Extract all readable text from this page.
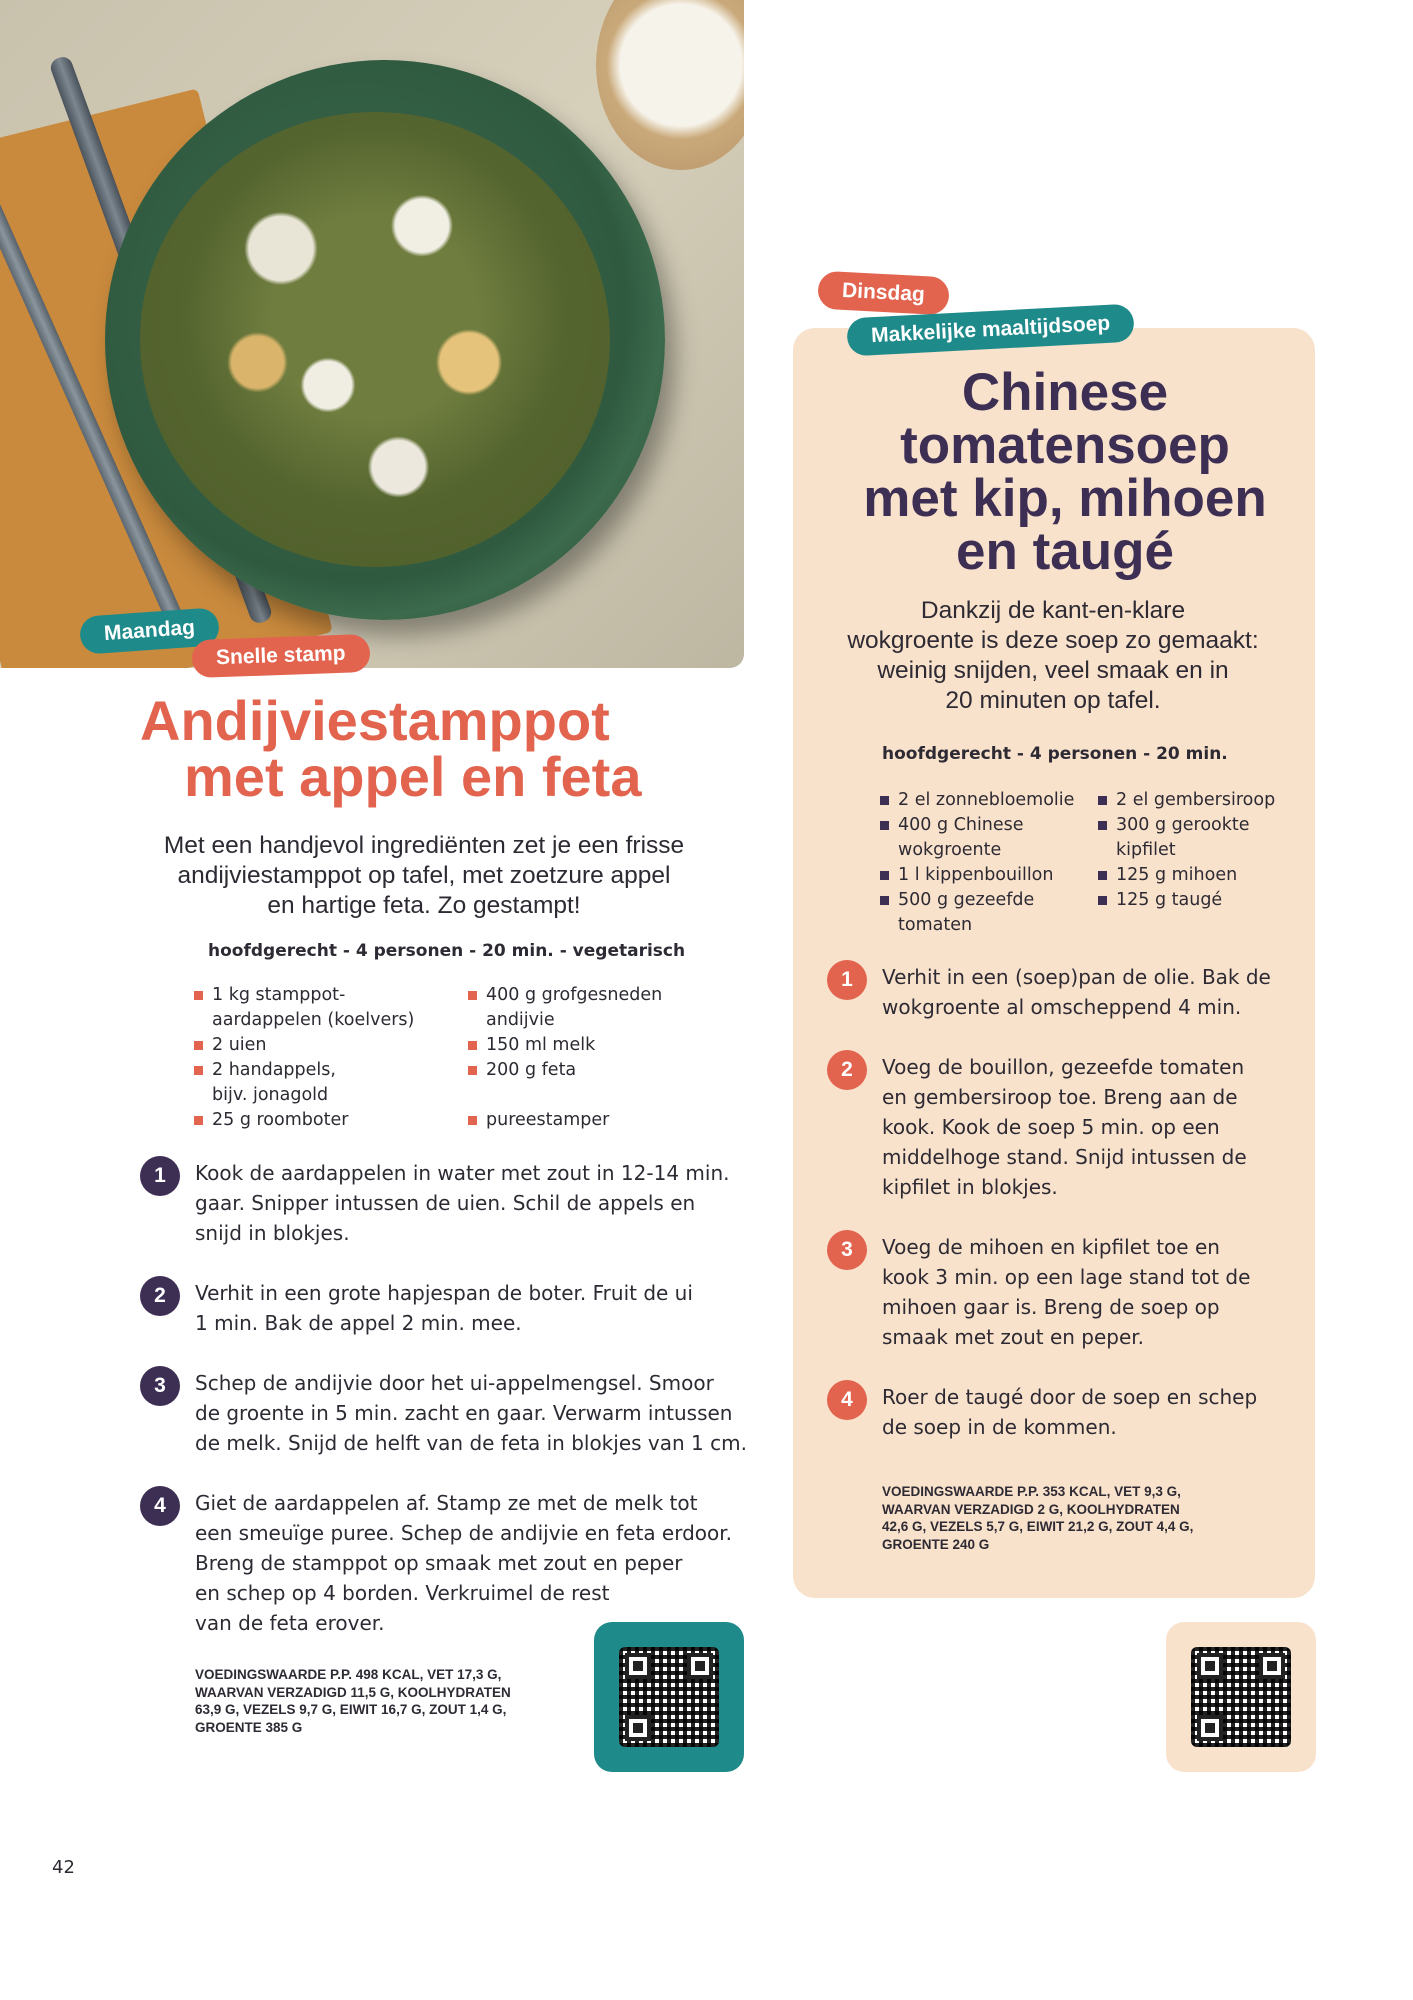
Maandag
Snelle stamp
Andijviestamppot
met appel en feta

Met een handjevol ingrediënten zet je een frisse
andijviestamppot op tafel, met zoetzure appel
en hartige feta. Zo gestampt!

hoofdgerecht - 4 personen - 20 min. - vegetarisch
1 kg stamppot-
aardappelen (koelvers)
2 uien
2 handappels,
bijv. jonagold
25 g roomboter
400 g grofgesneden
andijvie
150 ml melk
200 g feta
pureestamper
1	Kook de aardappelen in water met zout in 12-14 min.
gaar. Snipper intussen de uien. Schil de appels en
snijd in blokjes.
2	Verhit in een grote hapjespan de boter. Fruit de ui
1 min. Bak de appel 2 min. mee.
3	Schep de andijvie door het ui-appelmengsel. Smoor
de groente in 5 min. zacht en gaar. Verwarm intussen
de melk. Snijd de helft van de feta in blokjes van 1 cm.
4	Giet de aardappelen af. Stamp ze met de melk tot
een smeuïge puree. Schep de andijvie en feta erdoor.
Breng de stamppot op smaak met zout en peper
en schep op 4 borden. Verkruimel de rest
van de feta erover.
VOEDINGSWAARDE P.P. 498 KCAL, VET 17,3 G,
WAARVAN VERZADIGD 11,5 G, KOOLHYDRATEN
63,9 G, VEZELS 9,7 G, EIWIT 16,7 G, ZOUT 1,4 G,
GROENTE 385 G
Dinsdag
Makkelijke maaltijdsoep
Chinese
tomatensoep
met kip, mihoen
en taugé

Dankzij de kant-en-klare
wokgroente is deze soep zo gemaakt:
weinig snijden, veel smaak en in
20 minuten op tafel.

hoofdgerecht - 4 personen - 20 min.
2 el zonnebloemolie
400 g Chinese
wokgroente
1 l kippenbouillon
500 g gezeefde
tomaten
2 el gembersiroop
300 g gerookte
kipfilet
125 g mihoen
125 g taugé
1	Verhit in een (soep)pan de olie. Bak de
wokgroente al omscheppend 4 min.
2	Voeg de bouillon, gezeefde tomaten
en gembersiroop toe. Breng aan de
kook. Kook de soep 5 min. op een
middelhoge stand. Snijd intussen de
kipfilet in blokjes.
3	Voeg de mihoen en kipfilet toe en
kook 3 min. op een lage stand tot de
mihoen gaar is. Breng de soep op
smaak met zout en peper.
4	Roer de taugé door de soep en schep
de soep in de kommen.
VOEDINGSWAARDE P.P. 353 KCAL, VET 9,3 G,
WAARVAN VERZADIGD 2 G, KOOLHYDRATEN
42,6 G, VEZELS 5,7 G, EIWIT 21,2 G, ZOUT 4,4 G,
GROENTE 240 G
42
